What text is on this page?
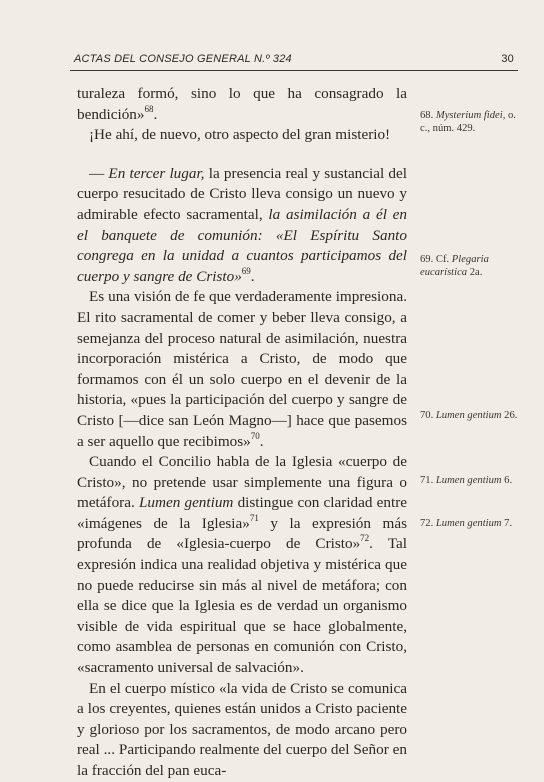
ACTAS DEL CONSEJO GENERAL N.º 324	30

turaleza formó, sino lo que ha consagrado la bendición»$^{68}$.

¡He ahí, de nuevo, otro aspecto del gran misterio!

— En tercer lugar, la presencia real y sustancial del cuerpo resucitado de Cristo lleva consigo un nuevo y admirable efecto sacramental, la asimilación a él en el banquete de comunión: «El Espíritu Santo congrega en la unidad a cuantos participamos del cuerpo y sangre de Cristo»$^{69}$.

Es una visión de fe que verdaderamente impresiona. El rito sacramental de comer y beber lleva consigo, a semejanza del proceso natural de asimilación, nuestra incorporación mistérica a Cristo, de modo que formamos con él un solo cuerpo en el devenir de la historia, «pues la participación del cuerpo y sangre de Cristo [—dice san León Magno—] hace que pasemos a ser aquello que recibimos»$^{70}$.

Cuando el Concilio habla de la Iglesia «cuerpo de Cristo», no pretende usar simplemente una figura o metáfora. Lumen gentium distingue con claridad entre «imágenes de la Iglesia»$^{71}$ y la expresión más profunda de «Iglesia-cuerpo de Cristo»$^{72}$. Tal expresión indica una realidad objetiva y mistérica que no puede reducirse sin más al nivel de metáfora; con ella se dice que la Iglesia es de verdad un organismo visible de vida espiritual que se hace globalmente, como asamblea de personas en comunión con Cristo, «sacramento universal de salvación».

En el cuerpo místico «la vida de Cristo se comunica a los creyentes, quienes están unidos a Cristo paciente y glorioso por los sacramentos, de modo arcano pero real ... Participando realmente del cuerpo del Señor en la fracción del pan euca-

68. Mysterium fidei, o. c., núm. 429.
69. Cf. Plegaria eucarística 2a.
70. Lumen gentium 26.
71. Lumen gentium 6.
72. Lumen gentium 7.
